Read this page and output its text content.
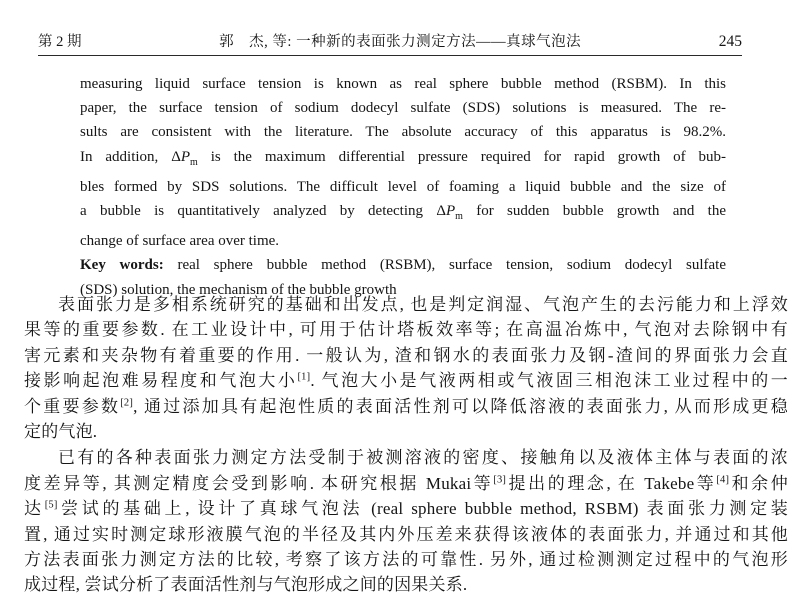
第 2 期	郭　杰, 等: 一种新的表面张力测定方法——真球气泡法	245
measuring liquid surface tension is known as real sphere bubble method (RSBM). In this
paper, the surface tension of sodium dodecyl sulfate (SDS) solutions is measured. The re-
sults are consistent with the literature. The absolute accuracy of this apparatus is 98.2%.
In addition, $\Delta P_m$ is the maximum differential pressure required for rapid growth of bub-
bles formed by SDS solutions. The difficult level of foaming a liquid bubble and the size of
a bubble is quantitatively analyzed by detecting $\Delta P_m$ for sudden bubble growth and the
change of surface area over time.
Key words: real sphere bubble method (RSBM), surface tension, sodium dodecyl sulfate
(SDS) solution, the mechanism of the bubble growth
表面张力是多相系统研究的基础和出发点, 也是判定润湿、气泡产生的去污能力和上浮效
果等的重要参数. 在工业设计中, 可用于估计塔板效率等; 在高温冶炼中, 气泡对去除钢中有
害元素和夹杂物有着重要的作用. 一般认为, 渣和钢水的表面张力及钢-渣间的界面张力会直
接影响起泡难易程度和气泡大小[1]. 气泡大小是气液两相或气液固三相泡沫工业过程中的一
个重要参数[2], 通过添加具有起泡性质的表面活性剂可以降低溶液的表面张力, 从而形成更稳
定的气泡.
已有的各种表面张力测定方法受制于被测溶液的密度、接触角以及液体主体与表面的浓
度差异等, 其测定精度会受到影响. 本研究根据 Mukai等[3]提出的理念, 在 Takebe等[4]和余仲
达[5]尝试的基础上, 设计了真球气泡法 (real sphere bubble method, RSBM) 表面张力测定装
置, 通过实时测定球形液膜气泡的半径及其内外压差来获得该液体的表面张力, 并通过和其他
方法表面张力测定方法的比较, 考察了该方法的可靠性. 另外, 通过检测测定过程中的气泡形
成过程, 尝试分析了表面活性剂与气泡形成之间的因果关系.
